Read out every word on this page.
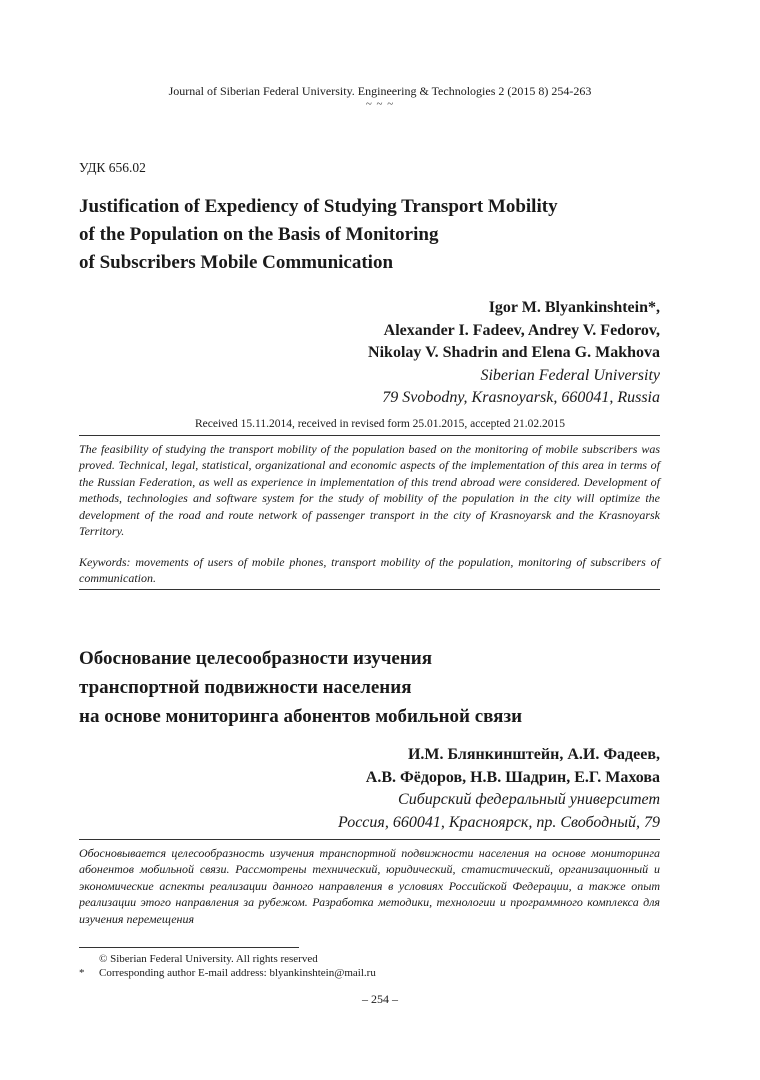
Journal of Siberian Federal University. Engineering & Technologies 2 (2015 8) 254-263
~ ~ ~
УДК 656.02
Justification of Expediency of Studying Transport Mobility
of the Population on the Basis of Monitoring
of Subscribers Mobile Communication
Igor M. Blyankinshtein*,
Alexander I. Fadeev, Andrey V. Fedorov,
Nikolay V. Shadrin and Elena G. Makhova
Siberian Federal University
79 Svobodny, Krasnoyarsk, 660041, Russia
Received 15.11.2014, received in revised form 25.01.2015, accepted 21.02.2015
The feasibility of studying the transport mobility of the population based on the monitoring of mobile subscribers was proved. Technical, legal, statistical, organizational and economic aspects of the implementation of this area in terms of the Russian Federation, as well as experience in implementation of this trend abroad were considered. Development of methods, technologies and software system for the study of mobility of the population in the city will optimize the development of the road and route network of passenger transport in the city of Krasnoyarsk and the Krasnoyarsk Territory.
Keywords: movements of users of mobile phones, transport mobility of the population, monitoring of subscribers of communication.
Обоснование целесообразности изучения
транспортной подвижности населения
на основе мониторинга абонентов мобильной связи
И.М. Блянкинштейн, А.И. Фадеев,
А.В. Фёдоров, Н.В. Шадрин, Е.Г. Махова
Сибирский федеральный университет
Россия, 660041, Красноярск, пр. Свободный, 79
Обосновывается целесообразность изучения транспортной подвижности населения на основе мониторинга абонентов мобильной связи. Рассмотрены технический, юридический, статистический, организационный и экономические аспекты реализации данного направления в условиях Российской Федерации, а также опыт реализации этого направления за рубежом. Разработка методики, технологии и программного комплекса для изучения перемещения
© Siberian Federal University. All rights reserved
* Corresponding author E-mail address: blyankinshtein@mail.ru
– 254 –
